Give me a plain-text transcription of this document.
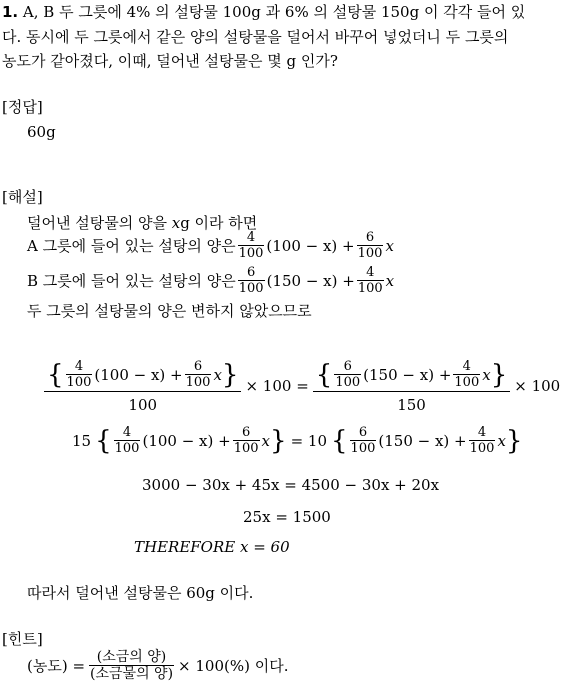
1. A, B 두 그릇에 4% 의 설탕물 100g 과 6% 의 설탕물 150g 이 각각 들어 있
다. 동시에 두 그릇에서 같은 양의 설탕물을 덜어서 바꾸어 넣었더니 두 그릇의
농도가 같아졌다, 이때, 덜어낸 설탕물은 몇 g 인가?
[정답]
60g
[해설]
덜어낸 설탕물의 양을 xg 이라 하면
A 그릇에 들어 있는 설탕의 양은 $\frac{4}{100} (100 - x) + \frac{6}{100}$ x
B 그릇에 들어 있는 설탕의 양은 $\frac{6}{100} (150 - x) + \frac{4}{100}$ x
두 그릇의 설탕물의 양은 변하지 않았으므로
{ $\frac{4}{100} (100 - x) + \frac{6}{100}$ x }
100
× 100 = { $\frac{6}{100} (150 - x) + \frac{4}{100}$ x }
150
× 100
15 { $\frac{4}{100} (100 - x) + \frac{6}{100}$ x } = 10 { $\frac{6}{100} (150 - x) + \frac{4}{100}$ x }
3000 − 30x + 45x = 4500 − 30x + 20x
25x = 1500
THEREFORE x = 60
따라서 덜어낸 설탕물은 60g 이다.
[힌트]
(농도) = $\frac{\text{(소금의 양)}}{\text{(소금물의 양)}} \times 100(\%)$ 이다.
